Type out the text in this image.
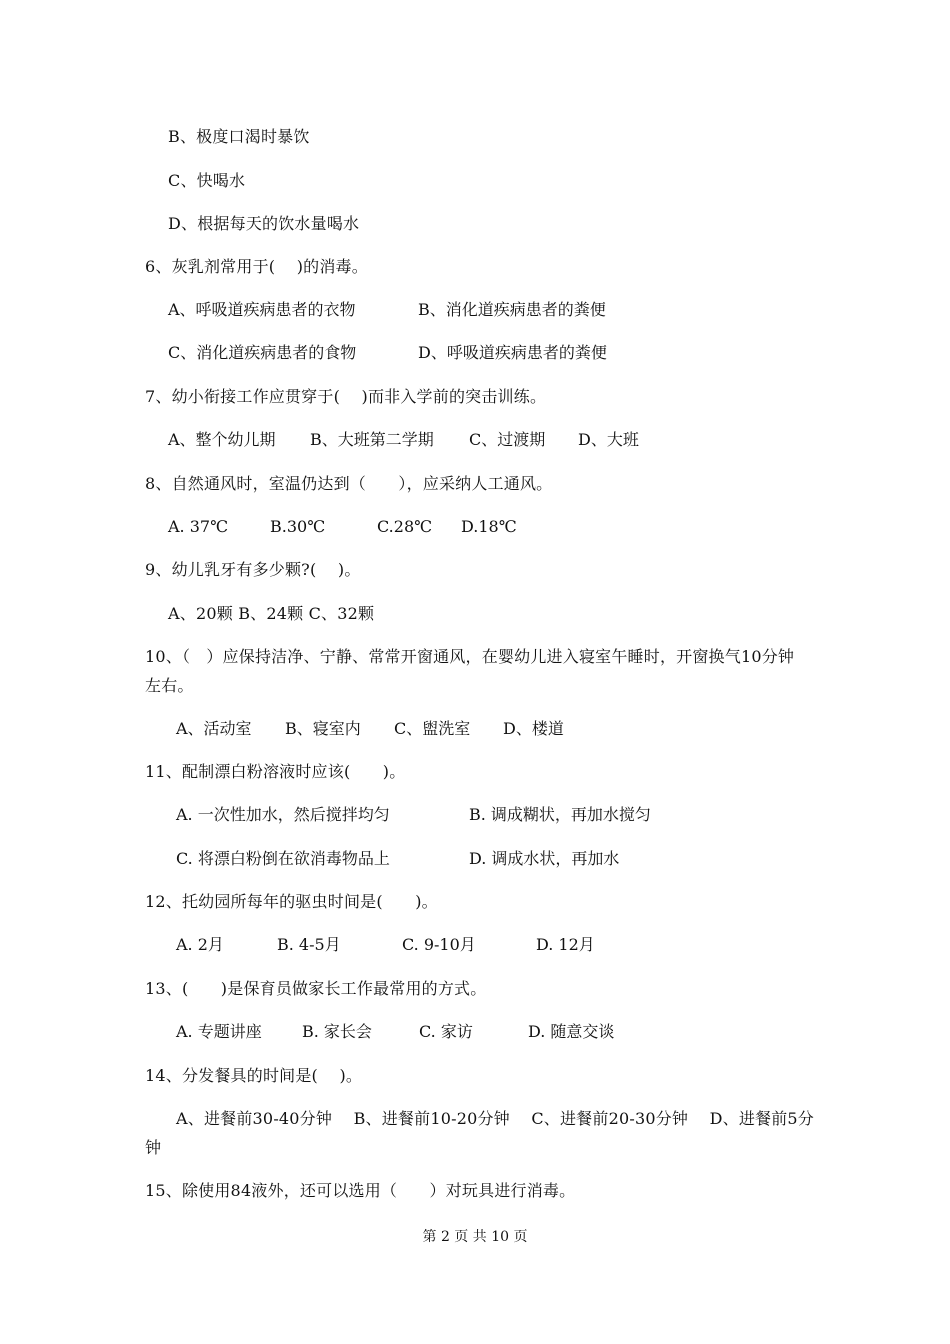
B、极度口渴时暴饮
C、快喝水
D、根据每天的饮水量喝水
6、灰乳剂常用于(　 )的消毒。
A、呼吸道疾病患者的衣物	B、消化道疾病患者的粪便
C、消化道疾病患者的食物	D、呼吸道疾病患者的粪便
7、幼小衔接工作应贯穿于(　 )而非入学前的突击训练。
A、整个幼儿期 B、大班第二学期 C、过渡期 D、大班
8、自然通风时，室温仍达到（　　），应采纳人工通风。
A. 37℃	B.30℃	C.28℃ D.18℃
9、幼儿乳牙有多少颗?(　 )。
A、20颗 B、24颗 C、32颗
10、（　）应保持洁净、宁静、常常开窗通风，在婴幼儿进入寝室午睡时，开窗换气10分钟左右。
A、活动室 B、寝室内 C、盥洗室 D、楼道
11、配制漂白粉溶液时应该(　　)。
A. 一次性加水，然后搅拌均匀	B. 调成糊状，再加水搅匀
C. 将漂白粉倒在欲消毒物品上	D. 调成水状，再加水
12、托幼园所每年的驱虫时间是(　　)。
A. 2月	B. 4-5月	C. 9-10月	D. 12月
13、(　　)是保育员做家长工作最常用的方式。
A. 专题讲座	B. 家长会	C. 家访	D. 随意交谈
14、分发餐具的时间是(　 )。
A、进餐前30-40分钟　 B、进餐前10-20分钟　 C、进餐前20-30分钟　 D、进餐前5分
钟
15、除使用84液外，还可以选用（　　）对玩具进行消毒。
第 2 页 共 10 页
